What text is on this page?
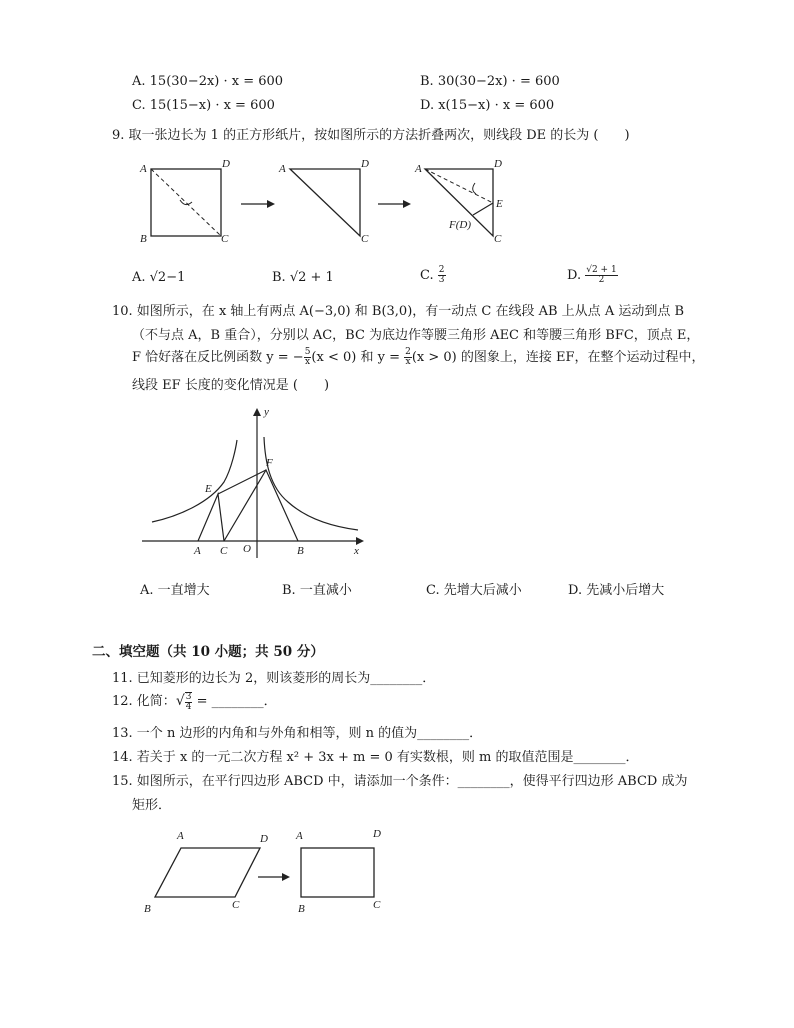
A. 15(30−2x) · x = 600	B. 30(30−2x) · = 600
C. 15(15−x) · x = 600	D. x(15−x) · x = 600
9. 取一张边长为 1 的正方形纸片，按如图所示的方法折叠两次，则线段 DE 的长为 (　　)
A	D
B	C
A	D
C
A	D
E
F(D)
C
A. √2−1	B. √2 + 1	C. $\frac{2}{3}$	D. $\frac{√2 + 1}{2}$
10. 如图所示，在 x 轴上有两点 A(−3,0) 和 B(3,0)，有一动点 C 在线段 AB 上从点 A 运动到点 B
（不与点 A，B 重合），分别以 AC，BC 为底边作等腰三角形 AEC 和等腰三角形 BFC，顶点 E，
F 恰好落在反比例函数 y = − $\frac{5}{x} (x < 0)$ 和 $y = \frac{2}{x} (x > 0)$ 的图象上，连接 EF，在整个运动过程中，
线段 EF 长度的变化情况是 (　　)
y
x
O
E
F
A C	B
A. 一直增大	B. 一直减小	C. 先增大后减小	D. 先减小后增大
二、填空题（共 10 小题；共 50 分）
11. 已知菱形的边长为 2，则该菱形的周长为________．
12. 化简：√ $\frac{3}{4}$ = ________．
13. 一个 n 边形的内角和与外角和相等，则 n 的值为________．
14. 若关于 x 的一元二次方程 x² + 3x + m = 0 有实数根，则 m 的取值范围是________．
15. 如图所示，在平行四边形 ABCD 中，请添加一个条件：________，使得平行四边形 ABCD 成为
矩形．
A	D
B	C
A	D
B	C
